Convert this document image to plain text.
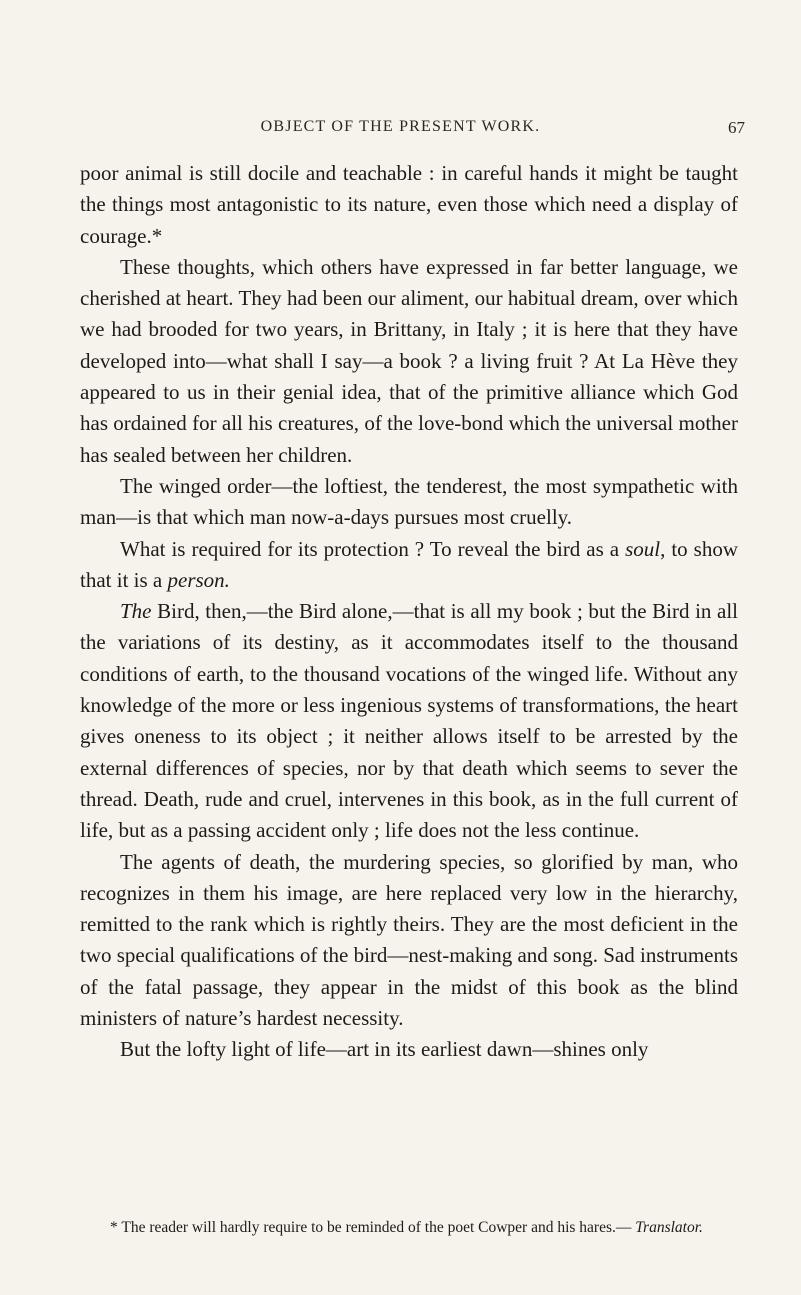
OBJECT OF THE PRESENT WORK.	67

poor animal is still docile and teachable : in careful hands it might be taught the things most antagonistic to its nature, even those which need a display of courage.*

These thoughts, which others have expressed in far better language, we cherished at heart. They had been our aliment, our habitual dream, over which we had brooded for two years, in Brittany, in Italy ; it is here that they have developed into—what shall I say—a book ? a living fruit ? At La Hève they appeared to us in their genial idea, that of the primitive alliance which God has ordained for all his creatures, of the love-bond which the universal mother has sealed between her children.

The winged order—the loftiest, the tenderest, the most sympathetic with man—is that which man now-a-days pursues most cruelly.

What is required for its protection ? To reveal the bird as a soul, to show that it is a person.

The Bird, then,—the Bird alone,—that is all my book ; but the Bird in all the variations of its destiny, as it accommodates itself to the thousand conditions of earth, to the thousand vocations of the winged life. Without any knowledge of the more or less ingenious systems of transformations, the heart gives oneness to its object ; it neither allows itself to be arrested by the external differences of species, nor by that death which seems to sever the thread. Death, rude and cruel, intervenes in this book, as in the full current of life, but as a passing accident only ; life does not the less continue.

The agents of death, the murdering species, so glorified by man, who recognizes in them his image, are here replaced very low in the hierarchy, remitted to the rank which is rightly theirs. They are the most deficient in the two special qualifications of the bird—nest-making and song. Sad instruments of the fatal passage, they appear in the midst of this book as the blind ministers of nature’s hardest necessity.

But the lofty light of life—art in its earliest dawn—shines only

* The reader will hardly require to be reminded of the poet Cowper and his hares.— Translator.
